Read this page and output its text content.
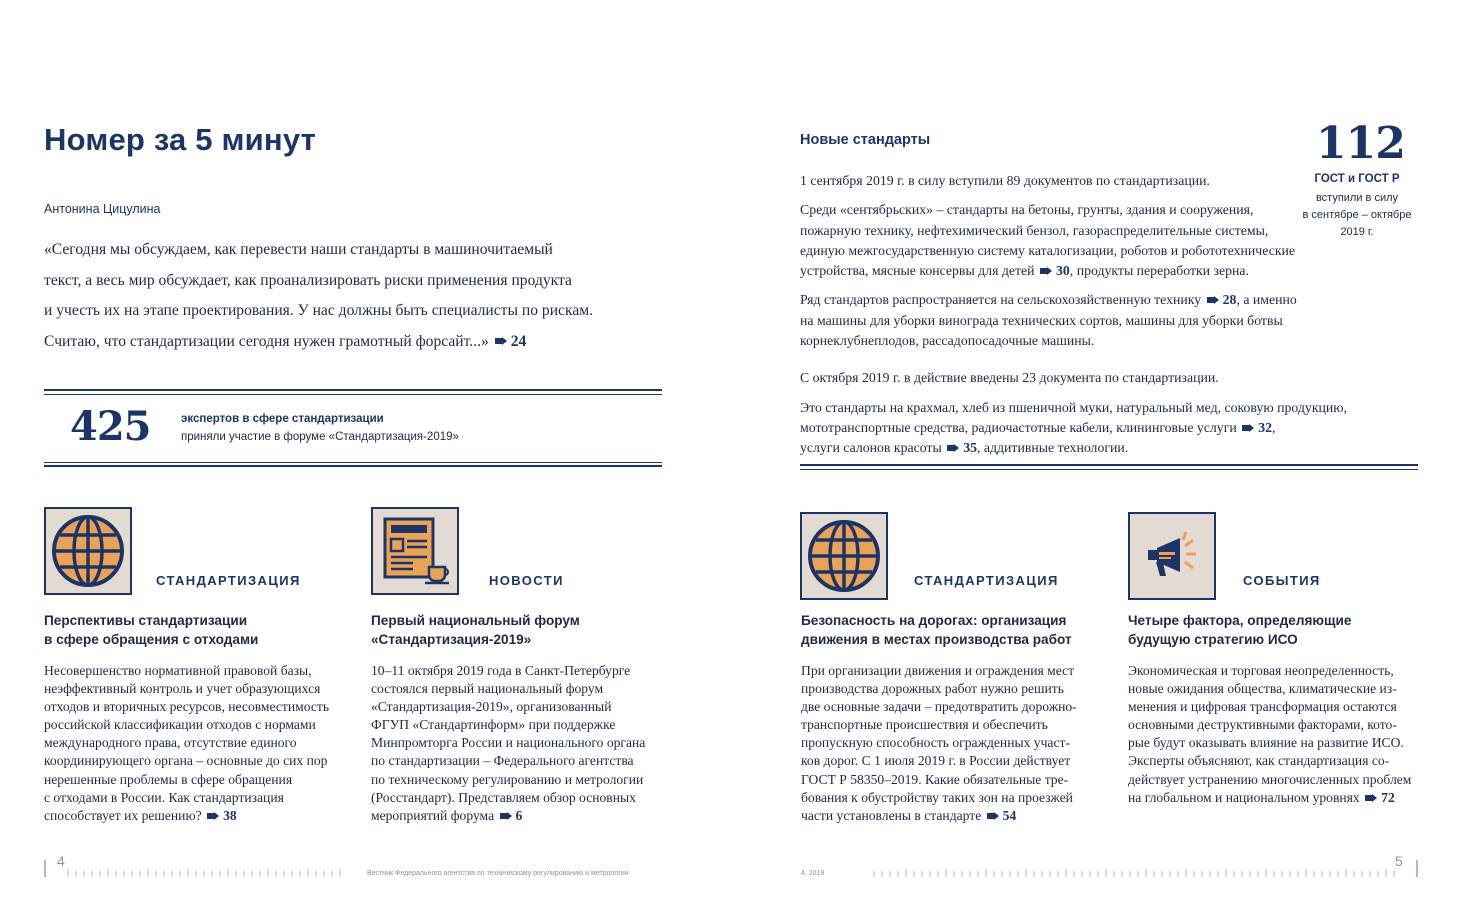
Номер за 5 минут
Антонина Цицулина
«Сегодня мы обсуждаем, как перевести наши стандарты в машиночитаемый
текст, а весь мир обсуждает, как проанализировать риски применения продукта
и учесть их на этапе проектирования. У нас должны быть специалисты по рискам.
Считаю, что стандартизации сегодня нужен грамотный форсайт...» 24
425	экспертов в сфере стандартизации
приняли участие в форуме «Стандартизация-2019»
СТАНДАРТИЗАЦИЯ
Перспективы стандартизации
в сфере обращения с отходами
Несовершенство нормативной правовой базы,
неэффективный контроль и учет образующихся
отходов и вторичных ресурсов, несовместимость
российской классификации отходов с нормами
международного права, отсутствие единого
координирующего органа – основные до сих пор
нерешенные проблемы в сфере обращения
с отходами в России. Как стандартизация
способствует их решению? 38
НОВОСТИ
Первый национальный форум
«Стандартизация-2019»
10–11 октября 2019 года в Санкт-Петербурге
состоялся первый национальный форум
«Стандартизация-2019», организованный
ФГУП «Стандартинформ» при поддержке
Минпромторга России и национального органа
по стандартизации – Федерального агентства
по техническому регулированию и метрологии
(Росстандарт). Представляем обзор основных
мероприятий форума 6
4
Вестник Федерального агентства по техническому регулированию и метрологии
Новые стандарты
1 сентября 2019 г. в силу вступили 89 документов по стандартизации.
Среди «сентябрьских» – стандарты на бетоны, грунты, здания и сооружения,
пожарную технику, нефтехимический бензол, газораспределительные системы,
единую межгосударственную систему каталогизации, роботов и робототехнические
устройства, мясные консервы для детей 30, продукты переработки зерна.
Ряд стандартов распространяется на сельскохозяйственную технику 28, а именно
на машины для уборки винограда технических сортов, машины для уборки ботвы
корнеклубнеплодов, рассадопосадочные машины.
С октября 2019 г. в действие введены 23 документа по стандартизации.
Это стандарты на крахмал, хлеб из пшеничной муки, натуральный мед, соковую продукцию,
мототранспортные средства, радиочастотные кабели, клининговые услуги 32,
услуги салонов красоты 35, аддитивные технологии.
112
ГОСТ и ГОСТ Р
вступили в силу
в сентябре – октябре
2019 г.
СТАНДАРТИЗАЦИЯ
Безопасность на дорогах: организация
движения в местах производства работ
При организации движения и ограждения мест
производства дорожных работ нужно решить
две основные задачи – предотвратить дорожно-
транспортные происшествия и обеспечить
пропускную способность огражденных участ-
ков дорог. С 1 июля 2019 г. в России действует
ГОСТ Р 58350–2019. Какие обязательные тре-
бования к обустройству таких зон на проезжей
части установлены в стандарте 54
СОБЫТИЯ
Четыре фактора, определяющие
будущую стратегию ИСО
Экономическая и торговая неопределенность,
новые ожидания общества, климатические из-
менения и цифровая трансформация остаются
основными деструктивными факторами, кото-
рые будут оказывать влияние на развитие ИСО.
Эксперты объясняют, как стандартизация со-
действует устранению многочисленных проблем
на глобальном и национальном уровнях 72
4, 2019
5
